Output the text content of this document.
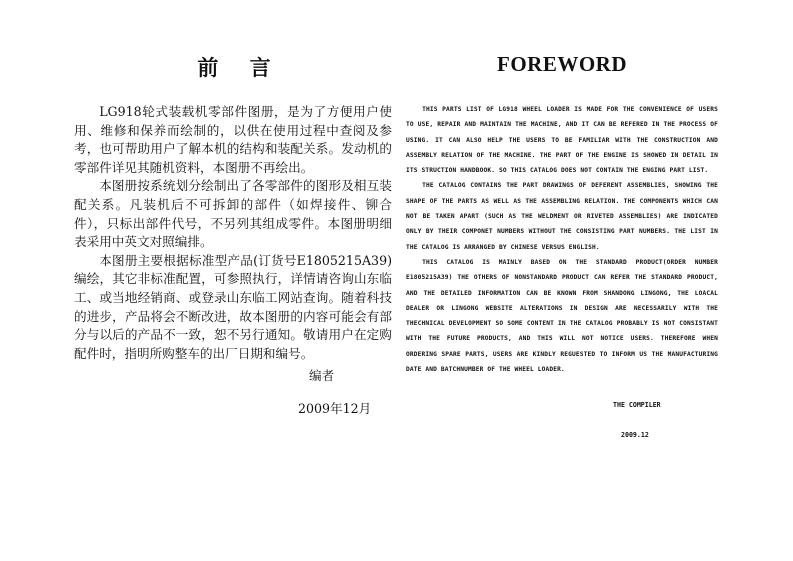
前 言

LG918轮式装载机零部件图册，是为了方便用户使用、维修和保养而绘制的，以供在使用过程中查阅及参考，也可帮助用户了解本机的结构和装配关系。发动机的零部件详见其随机资料，本图册不再绘出。

本图册按系统划分绘制出了各零部件的图形及相互装配关系。凡装机后不可拆卸的部件（如焊接件、铆合件），只标出部件代号，不另列其组成零件。本图册明细表采用中英文对照编排。

本图册主要根据标准型产品(订货号E1805215A39)编绘，其它非标准配置，可参照执行，详情请咨询山东临工、或当地经销商、或登录山东临工网站查询。随着科技的进步，产品将会不断改进，故本图册的内容可能会有部分与以后的产品不一致，恕不另行通知。敬请用户在定购配件时，指明所购整车的出厂日期和编号。

编者
2009年12月
FOREWORD

THIS PARTS LIST OF LG918 WHEEL LOADER IS MADE FOR THE CONVENIENCE OF USERS TO USE, REPAIR AND MAINTAIN THE MACHINE, AND IT CAN BE REFERED IN THE PROCESS OF USING. IT CAN ALSO HELP THE USERS TO BE FAMILIAR WITH THE CONSTRUCTION AND ASSEMBLY RELATION OF THE MACHINE. THE PART OF THE ENGINE IS SHOWED IN DETAIL IN ITS STRUCTION HANDBOOK. SO THIS CATALOG DOES NOT CONTAIN THE ENGING PART LIST.

THE CATALOG CONTAINS THE PART DRAWINGS OF DEFERENT ASSEMBLIES, SHOWING THE SHAPE OF THE PARTS AS WELL AS THE ASSEMBLING RELATION. THE COMPONENTS WHICH CAN NOT BE TAKEN APART (SUCH AS THE WELDMENT OR RIVETED ASSEMBLIES) ARE INDICATED ONLY BY THEIR COMPONET NUMBERS WITHOUT THE CONSISTING PART NUMBERS. THE LIST IN THE CATALOG IS ARRANGED BY CHINESE VERSUS ENGLISH.

THIS CATALOG IS MAINLY BASED ON THE STANDARD PRODUCT(ORDER NUMBER E1805215A39) THE OTHERS OF NONSTANDARD PRODUCT CAN REFER THE STANDARD PRODUCT, AND THE DETAILED INFORMATION CAN BE KNOWN FROM SHANDONG LINGONG, THE LOACAL DEALER OR LINGONG WEBSITE ALTERATIONS IN DESIGN ARE NECESSARILY WITH THE THECHNICAL DEVELOPMENT SO SOME CONTENT IN THE CATALOG PROBABLY IS NOT CONSISTANT WITH THE FUTURE PRODUCTS, AND THIS WILL NOT NOTICE USERS. THEREFORE WHEN ORDERING SPARE PARTS, USERS ARE KINDLY REGUESTED TO INFORM US THE MANUFACTURING DATE AND BATCHNUMBER OF THE WHEEL LOADER.

THE COMPILER
2009.12
